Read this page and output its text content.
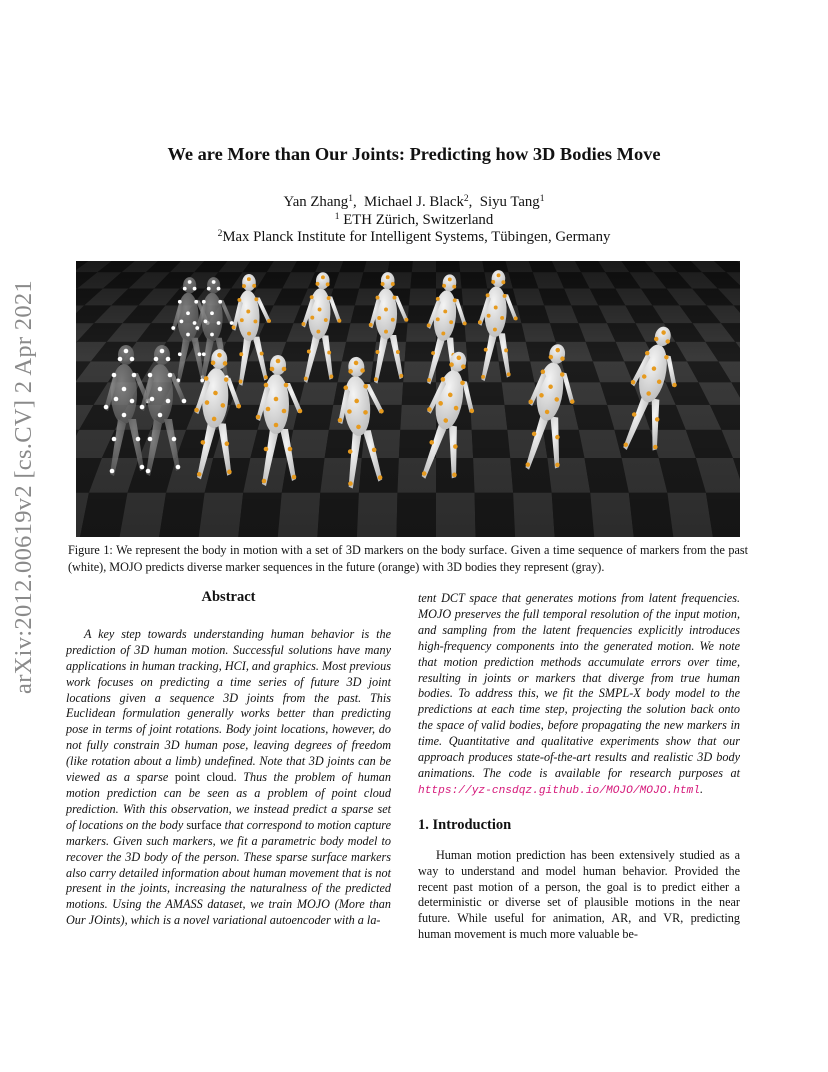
arXiv:2012.00619v2 [cs.CV] 2 Apr 2021
We are More than Our Joints: Predicting how 3D Bodies Move
Yan Zhang$^1$,  Michael J. Black$^2$,  Siyu Tang$^1$
$^1$ ETH Zürich, Switzerland
$^2$Max Planck Institute for Intelligent Systems, Tübingen, Germany
Figure 1: We represent the body in motion with a set of 3D markers on the body surface. Given a time sequence of markers from the past (white), MOJO predicts diverse marker sequences in the future (orange) with 3D bodies they represent (gray).
Abstract

A key step towards understanding human behavior is the prediction of 3D human motion. Successful solutions have many applications in human tracking, HCI, and graphics. Most previous work focuses on predicting a time series of future 3D joint locations given a sequence 3D joints from the past. This Euclidean formulation generally works better than predicting pose in terms of joint rotations. Body joint locations, however, do not fully constrain 3D human pose, leaving degrees of freedom (like rotation about a limb) undefined. Note that 3D joints can be viewed as a sparse point cloud. Thus the problem of human motion prediction can be seen as a problem of point cloud prediction. With this observation, we instead predict a sparse set of locations on the body surface that correspond to motion capture markers. Given such markers, we fit a parametric body model to recover the 3D body of the person. These sparse surface markers also carry detailed information about human movement that is not present in the joints, increasing the naturalness of the predicted motions. Using the AMASS dataset, we train MOJO (More than Our JOints), which is a novel variational autoencoder with a la-

tent DCT space that generates motions from latent frequencies. MOJO preserves the full temporal resolution of the input motion, and sampling from the latent frequencies explicitly introduces high-frequency components into the generated motion. We note that motion prediction methods accumulate errors over time, resulting in joints or markers that diverge from true human bodies. To address this, we fit the SMPL-X body model to the predictions at each time step, projecting the solution back onto the space of valid bodies, before propagating the new markers in time. Quantitative and qualitative experiments show that our approach produces state-of-the-art results and realistic 3D body animations. The code is available for research purposes at https://yz-cnsdqz.github.io/MOJO/MOJO.html.

1. Introduction

Human motion prediction has been extensively studied as a way to understand and model human behavior. Provided the recent past motion of a person, the goal is to predict either a deterministic or diverse set of plausible motions in the near future. While useful for animation, AR, and VR, predicting human movement is much more valuable be-
